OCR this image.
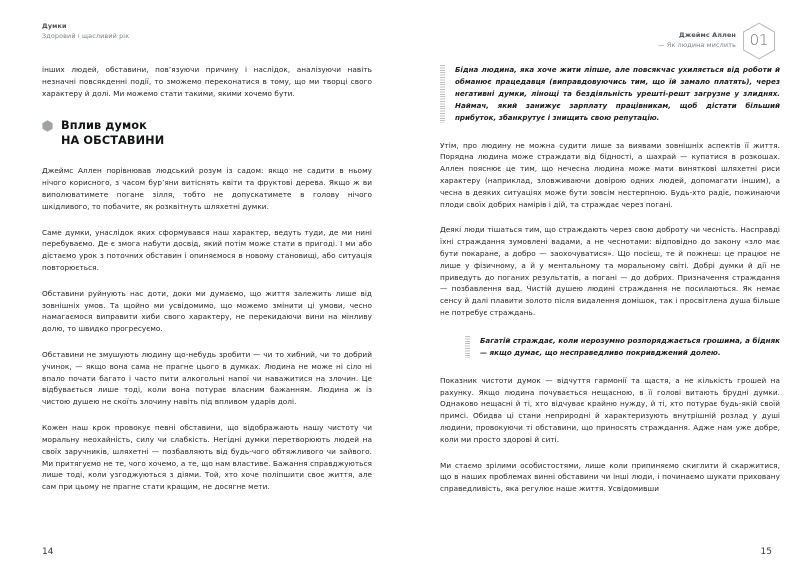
Думки
Здоровий і щасливий рік	Джеймс Аллен
— Як людина мислить 01

інших людей, обставини, пов’язуючи причину і наслідок, аналізуючи навіть незначні повсякденні події, то зможемо переконатися в тому, що ми творці свого характеру й долі. Ми можемо стати такими, якими хочемо бути.

Вплив думок
НА ОБСТАВИНИ

Джеймс Аллен порівнював людський розум із садом: якщо не садити в ньому нічого корисного, з часом бур’яни витіснять квіти та фруктові дерева. Якщо ж ви виполюватимете погане зілля, тобто не допускатимете в голову нічого шкідливого, то побачите, як розквітнуть шляхетні думки.

Саме думки, унаслідок яких сформувався наш характер, ведуть туди, де ми нині перебуваємо. Де є змога набути досвід, який потім може стати в пригоді. І ми або дістаємо урок з поточних обставин і опиняємося в новому становищі, або ситуація повторюється.

Обставини руйнують нас доти, доки ми думаємо, що життя залежить лише від зовнішніх умов. Та щойно ми усвідомимо, що можемо змінити ці умови, чесно намагаємося виправити хиби свого характеру, не перекидаючи вини на мінливу долю, то швидко прогресуємо.

Обставини не змушують людину що-небудь зробити — чи то хибний, чи то добрий учинок, — якщо вона сама не прагне цього в думках. Людина не може ні сіло ні впало почати багато і часто пити алкогольні напої чи наважитися на злочин. Це відбувається лише тоді, коли вона потурає власним бажанням. Людина ж із чистою душею не скоїть злочину навіть під впливом ударів долі.

Кожен наш крок провокує певні обставини, що відображають нашу чистоту чи моральну неохайність, силу чи слабкість. Негідні думки перетворюють людей на своїх заручників, шляхетні — позбавляють від будь-чого обтяжливого чи зайвого. Ми притягуємо не те, чого хочемо, а те, що нам властиве. Бажання справджуються лише тоді, коли узгоджуються з діями. Той, хто хоче поліпшити своє життя, але сам при цьому не прагне стати кращим, не досягне мети.

Бідна людина, яка хоче жити ліпше, але повсякчас ухиляється від роботи й обманює працедавця (виправдовуючись тим, що їй замало платять), через негативні думки, лінощі та бездіяльність урешті-решт загрузне у злиднях. Наймач, який занижує зарплату працівникам, щоб дістати більший прибуток, збанкрутує і знищить свою репутацію.

Утім, про людину не можна судити лише за виявами зовнішніх аспектів її життя. Порядна людина може страждати від бідності, а шахрай — купатися в розкошах. Аллен пояснює це тим, що нечесна людина може мати виняткові шляхетні риси характеру (наприклад, зловживаючи довірою одних людей, допомагати іншим), а чесна в деяких ситуаціях може бути зовсім нестерпною. Будь-хто радіє, пожинаючи плоди своїх добрих намірів і дій, та страждає через погані.

Деякі люди тішаться тим, що страждають через свою доброту чи чесність. Насправді їхні страждання зумовлені вадами, а не чеснотами: відповідно до закону «зло має бути покаране, а добро — заохочуватися». Що посієш, те й пожнеш: це працює не лише у фізичному, а й у ментальному та моральному світі. Добрі думки й дії не приведуть до поганих результатів, а погані — до добрих. Призначення страждання — позбавлення вад. Чистій душею людині страждання не посилаються. Як немає сенсу й далі плавити золото після видалення домішок, так і просвітлена душа більше не потребує страждань.

Багатій страждає, коли нерозумно розпоряджається грошима, а бідняк — якщо думає, що несправедливо покривджений долею.

Показник чистоти думок — відчуття гармонії та щастя, а не кількість грошей на рахунку. Якщо людина почувається нещасною, в її голові витають брудні думки. Однаково нещасні й ті, хто відчуває крайню нужду, й ті, хто потурає будь-якій своїй примсі. Обидва ці стани неприродні й характеризують внутрішній розлад у душі людини, провокуючи ті обставини, що приносять страждання. Адже нам уже добре, коли ми просто здорові й ситі.

Ми стаємо зрілими особистостями, лише коли припиняємо скиглити й скаржитися, що в наших проблемах винні обставини чи інші люди, і починаємо шукати приховану справедливість, яка регулює наше життя. Усвідомивши

14	15
